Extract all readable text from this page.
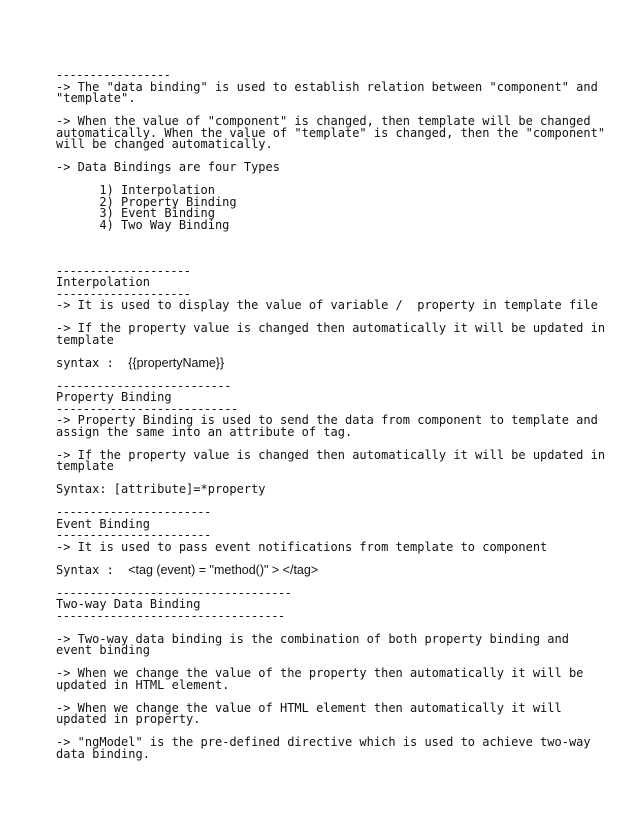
-----------------
-> The "data binding" is used to establish relation between "component" and
"template".
-> When the value of "component" is changed, then template will be changed
automatically. When the value of "template" is changed, then the "component"
will be changed automatically.
-> Data Bindings are four Types
1) Interpolation
2) Property Binding
3) Event Binding
4) Two Way Binding
--------------------
Interpolation
--------------------
-> It is used to display the value of variable /  property in template file
-> If the property value is changed then automatically it will be updated in
template
syntax :  {{propertyName}}
--------------------------
Property Binding
---------------------------
-> Property Binding is used to send the data from component to template and
assign the same into an attribute of tag.
-> If the property value is changed then automatically it will be updated in
template
Syntax: [attribute]=*property
-----------------------
Event Binding
-----------------------
-> It is used to pass event notifications from template to component
Syntax :  <tag (event) = "method()" > </tag>
-----------------------------------
Two-way Data Binding
----------------------------------
-> Two-way data binding is the combination of both property binding and
event binding
-> When we change the value of the property then automatically it will be
updated in HTML element.
-> When we change the value of HTML element then automatically it will
updated in property.
-> "ngModel" is the pre-defined directive which is used to achieve two-way
data binding.
